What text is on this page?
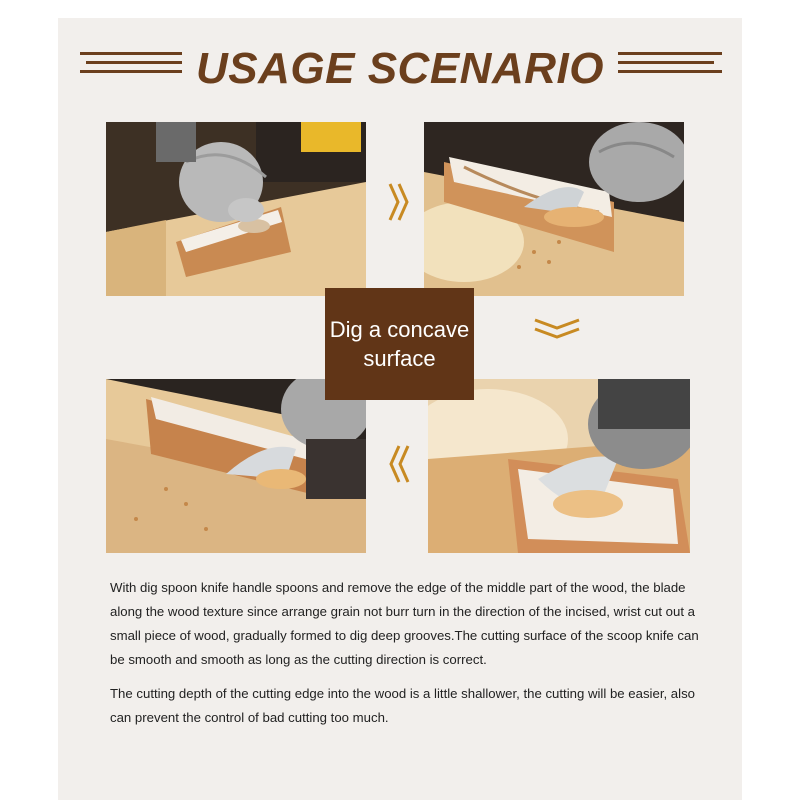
USAGE SCENARIO
Dig a concave
surface
With dig spoon knife handle spoons and remove the edge of the middle part of the wood, the blade along the wood texture since arrange grain not burr turn in the direction of the incised, wrist cut out a small piece of wood, gradually formed to dig deep grooves.The cutting surface of the scoop knife can be smooth and smooth as long as the cutting direction is correct.
The cutting depth of the cutting edge into the wood is a little shallower, the cutting will be easier, also can prevent the control of bad cutting too much.
